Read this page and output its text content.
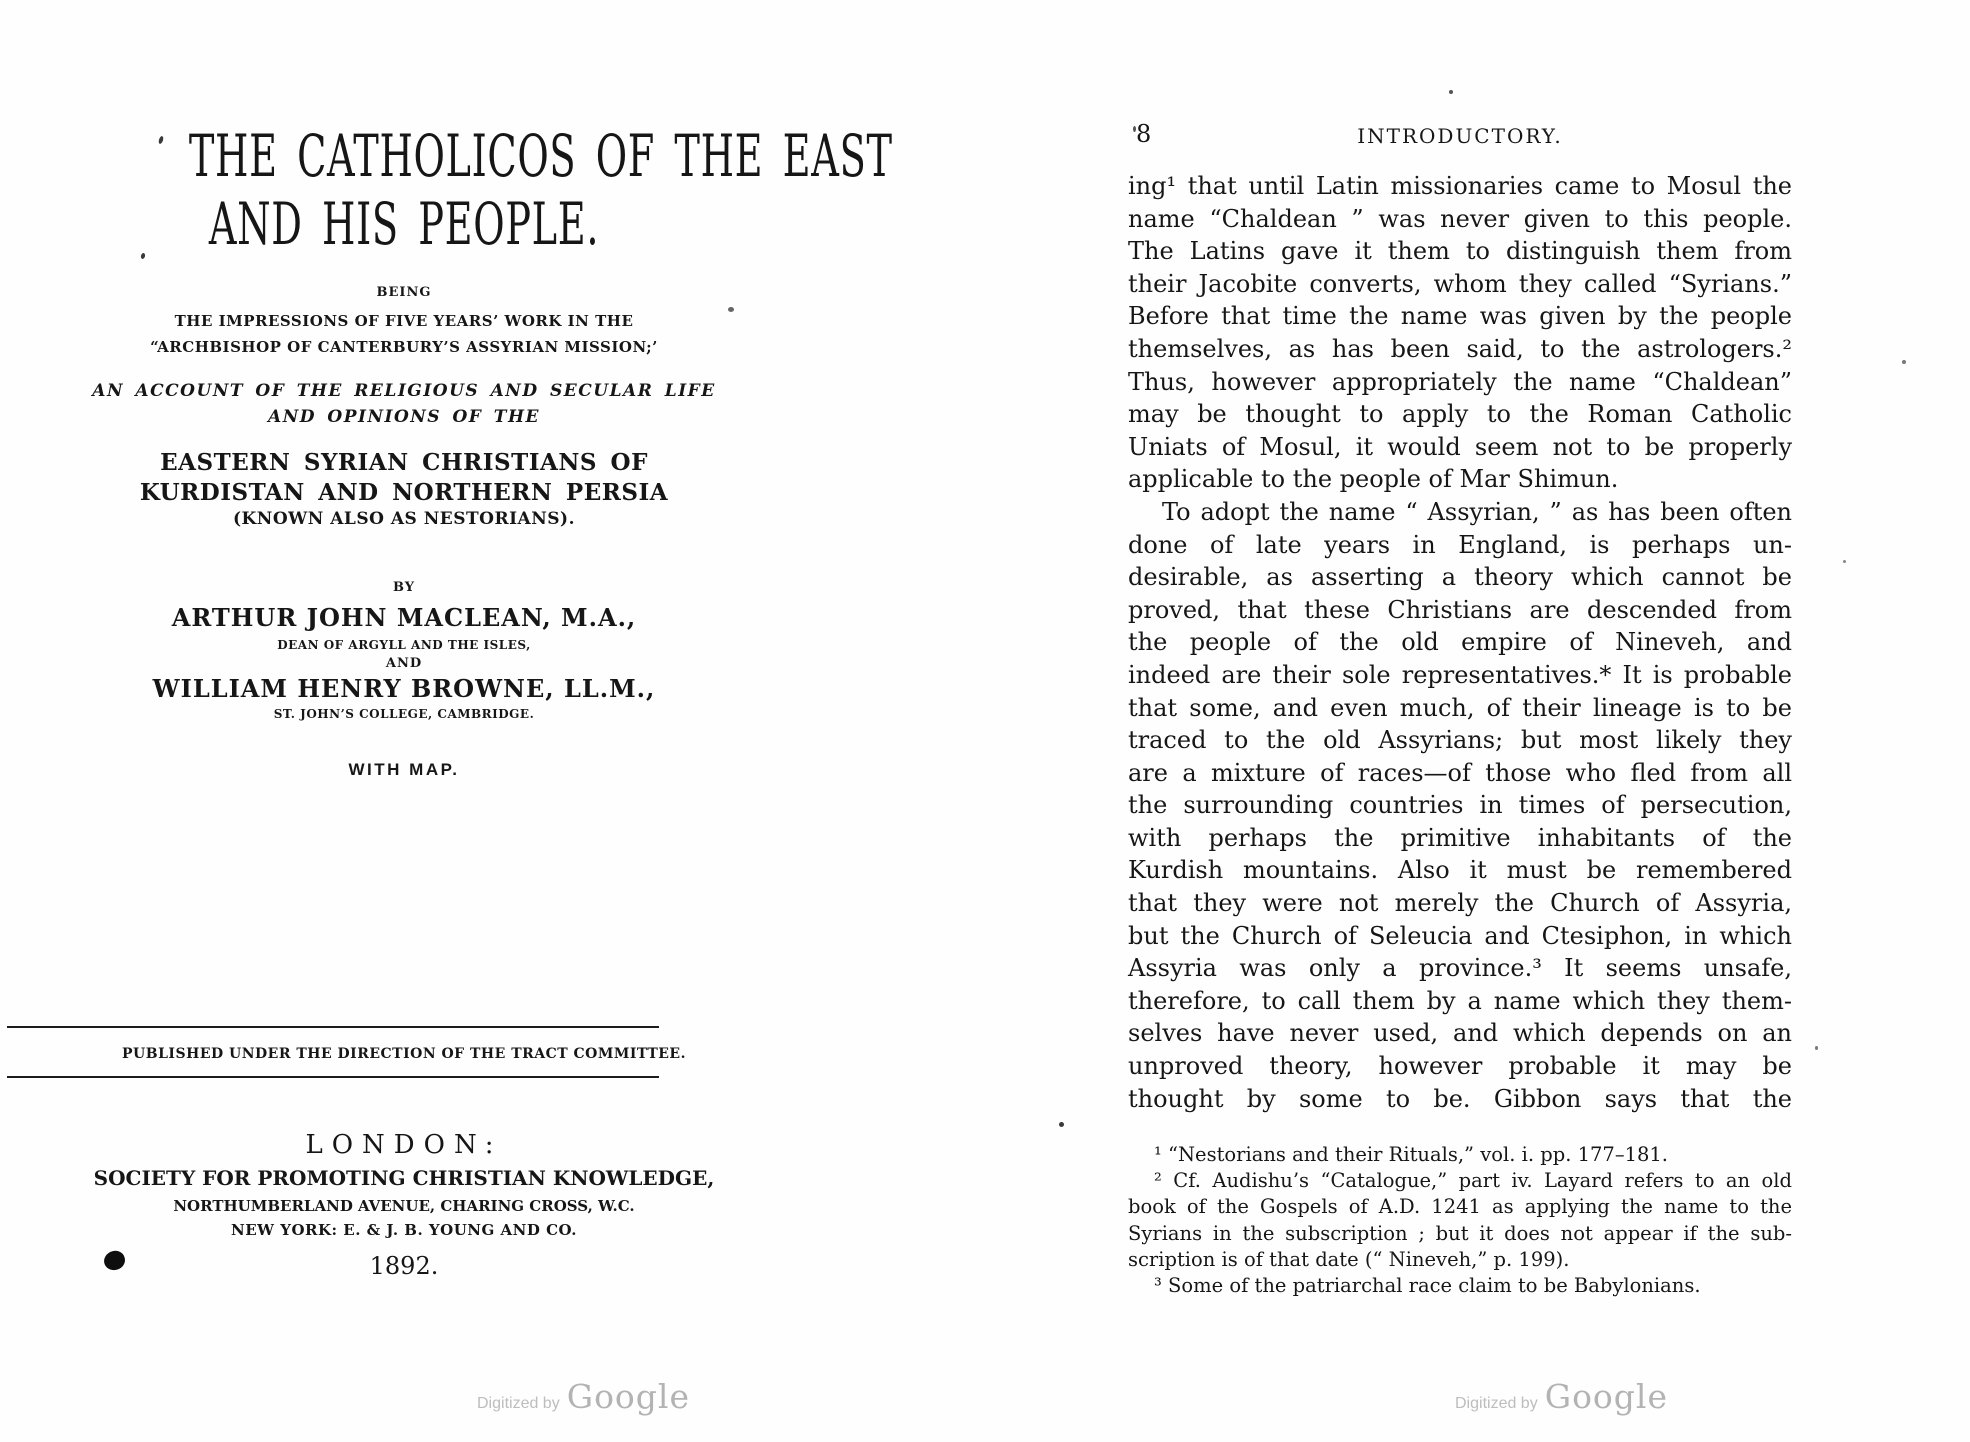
THE CATHOLICOS OF THE EAST
AND HIS PEOPLE.
BEING
THE IMPRESSIONS OF FIVE YEARS’ WORK IN THE
“ARCHBISHOP OF CANTERBURY’S ASSYRIAN MISSION;’
AN ACCOUNT OF THE RELIGIOUS AND SECULAR LIFE
AND OPINIONS OF THE
EASTERN SYRIAN CHRISTIANS OF
KURDISTAN AND NORTHERN PERSIA
(KNOWN ALSO AS NESTORIANS).
BY
ARTHUR JOHN MACLEAN, M.A.,
DEAN OF ARGYLL AND THE ISLES,
AND
WILLIAM HENRY BROWNE, LL.M.,
ST. JOHN’S COLLEGE, CAMBRIDGE.
WITH MAP.
PUBLISHED UNDER THE DIRECTION OF THE TRACT COMMITTEE.
LONDON:
SOCIETY FOR PROMOTING CHRISTIAN KNOWLEDGE,
NORTHUMBERLAND AVENUE, CHARING CROSS, W.C.
NEW YORK: E. & J. B. YOUNG AND CO.
1892.
8	INTRODUCTORY.
ing¹ that until Latin missionaries came to Mosul the
name “Chaldean ” was never given to this people.
The Latins gave it them to distinguish them from
their Jacobite converts, whom they called “Syrians.”
Before that time the name was given by the people
themselves, as has been said, to the astrologers.²
Thus, however appropriately the name “Chaldean”
may be thought to apply to the Roman Catholic
Uniats of Mosul, it would seem not to be properly
applicable to the people of Mar Shimun.
To adopt the name “ Assyrian, ” as has been often
done of late years in England, is perhaps un-
desirable, as asserting a theory which cannot be
proved, that these Christians are descended from
the people of the old empire of Nineveh, and
indeed are their sole representatives.* It is probable
that some, and even much, of their lineage is to be
traced to the old Assyrians; but most likely they
are a mixture of races—of those who fled from all
the surrounding countries in times of persecution,
with perhaps the primitive inhabitants of the
Kurdish mountains. Also it must be remembered
that they were not merely the Church of Assyria,
but the Church of Seleucia and Ctesiphon, in which
Assyria was only a province.³ It seems unsafe,
therefore, to call them by a name which they them-
selves have never used, and which depends on an
unproved theory, however probable it may be
thought by some to be. Gibbon says that the
¹ “Nestorians and their Rituals,” vol. i. pp. 177–181.
² Cf. Audishu’s “Catalogue,” part iv. Layard refers to an old
book of the Gospels of A.D. 1241 as applying the name to the
Syrians in the subscription ; but it does not appear if the sub-
scription is of that date (“ Nineveh,” p. 199).
³ Some of the patriarchal race claim to be Babylonians.
Digitized by Google	Digitized by Google
